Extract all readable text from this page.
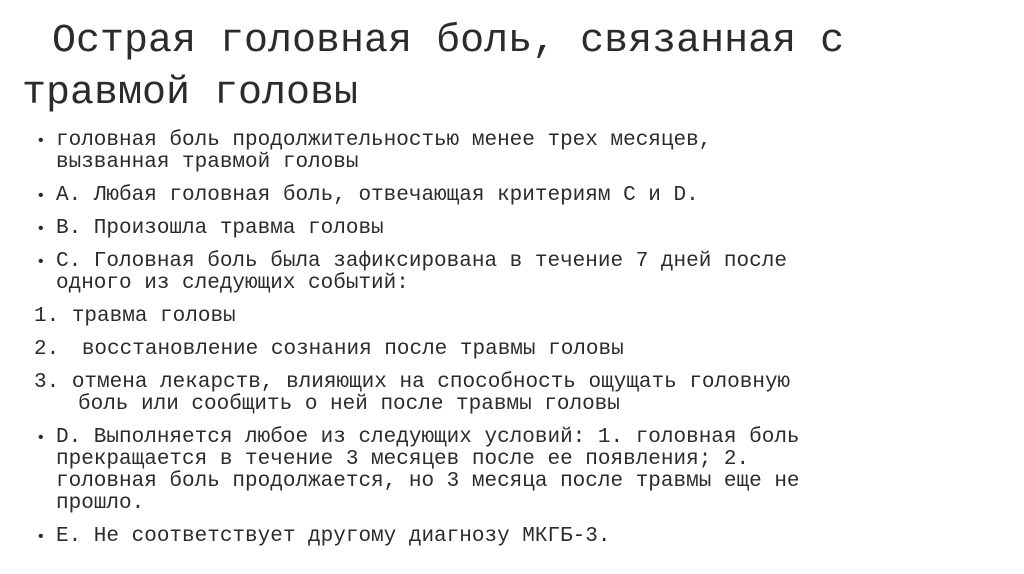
Острая головная боль, связанная с
травмой головы
• головная боль продолжительностью менее трех месяцев,
вызванная травмой головы
• А. Любая головная боль, отвечающая критериям C и D.
• B. Произошла травма головы
• C. Головная боль была зафиксирована в течение 7 дней после
одного из следующих событий:
1. травма головы
2. восстановление сознания после травмы головы
3. отмена лекарств, влияющих на способность ощущать головную
боль или сообщить о ней после травмы головы
• D. Выполняется любое из следующих условий: 1. головная боль
прекращается в течение 3 месяцев после ее появления; 2.
головная боль продолжается, но 3 месяца после травмы еще не
прошло.
• E. Не соответствует другому диагнозу МКГБ-3.
